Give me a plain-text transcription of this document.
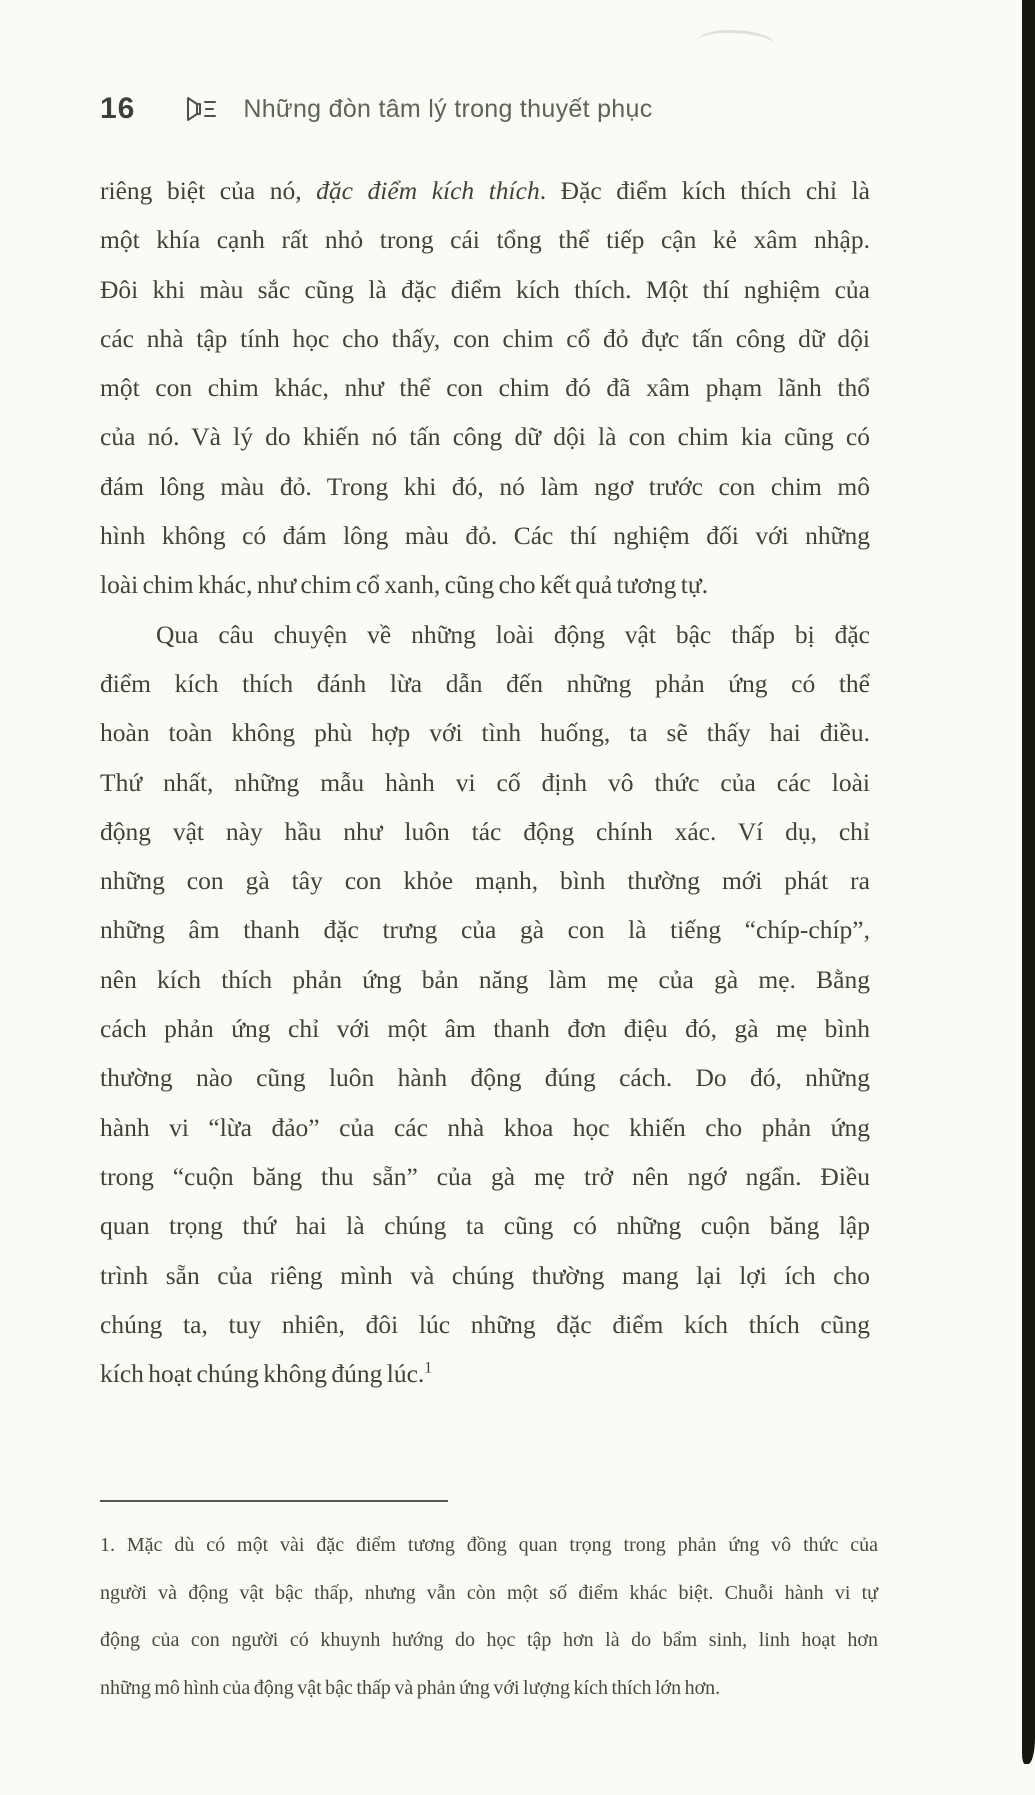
16	Những đòn tâm lý trong thuyết phục
riêng biệt của nó, đặc điểm kích thích. Đặc điểm kích thích chỉ là
một khía cạnh rất nhỏ trong cái tổng thể tiếp cận kẻ xâm nhập.
Đôi khi màu sắc cũng là đặc điểm kích thích. Một thí nghiệm của
các nhà tập tính học cho thấy, con chim cổ đỏ đực tấn công dữ dội
một con chim khác, như thể con chim đó đã xâm phạm lãnh thổ
của nó. Và lý do khiến nó tấn công dữ dội là con chim kia cũng có
đám lông màu đỏ. Trong khi đó, nó làm ngơ trước con chim mô
hình không có đám lông màu đỏ. Các thí nghiệm đối với những
loài chim khác, như chim cổ xanh, cũng cho kết quả tương tự.
Qua câu chuyện về những loài động vật bậc thấp bị đặc
điểm kích thích đánh lừa dẫn đến những phản ứng có thể
hoàn toàn không phù hợp với tình huống, ta sẽ thấy hai điều.
Thứ nhất, những mẫu hành vi cố định vô thức của các loài
động vật này hầu như luôn tác động chính xác. Ví dụ, chỉ
những con gà tây con khỏe mạnh, bình thường mới phát ra
những âm thanh đặc trưng của gà con là tiếng “chíp-chíp”,
nên kích thích phản ứng bản năng làm mẹ của gà mẹ. Bằng
cách phản ứng chỉ với một âm thanh đơn điệu đó, gà mẹ bình
thường nào cũng luôn hành động đúng cách. Do đó, những
hành vi “lừa đảo” của các nhà khoa học khiến cho phản ứng
trong “cuộn băng thu sẵn” của gà mẹ trở nên ngớ ngẩn. Điều
quan trọng thứ hai là chúng ta cũng có những cuộn băng lập
trình sẵn của riêng mình và chúng thường mang lại lợi ích cho
chúng ta, tuy nhiên, đôi lúc những đặc điểm kích thích cũng
kích hoạt chúng không đúng lúc.$^1$
1. Mặc dù có một vài đặc điểm tương đồng quan trọng trong phản ứng vô thức của
người và động vật bậc thấp, nhưng vẫn còn một số điểm khác biệt. Chuỗi hành vi tự
động của con người có khuynh hướng do học tập hơn là do bẩm sinh, linh hoạt hơn
những mô hình của động vật bậc thấp và phản ứng với lượng kích thích lớn hơn.
